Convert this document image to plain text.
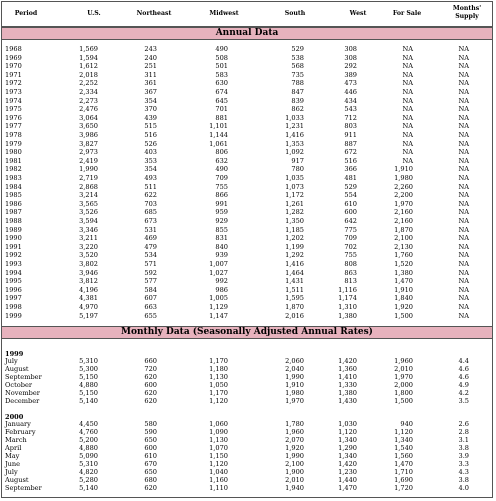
Period	U.S.	Northeast	Midwest	South	West	For Sale
Months' Supply
Annual Data
1968	1,569	243	490	529	308	NA	NA
1969	1,594	240	508	538	308	NA	NA
1970	1,612	251	501	568	292	NA	NA
1971	2,018	311	583	735	389	NA	NA
1972	2,252	361	630	788	473	NA	NA
1973	2,334	367	674	847	446	NA	NA
1974	2,273	354	645	839	434	NA	NA
1975	2,476	370	701	862	543	NA	NA
1976	3,064	439	881	1,033	712	NA	NA
1977	3,650	515	1,101	1,231	803	NA	NA
1978	3,986	516	1,144	1,416	911	NA	NA
1979	3,827	526	1,061	1,353	887	NA	NA
1980	2,973	403	806	1,092	672	NA	NA
1981	2,419	353	632	917	516	NA	NA
1982	1,990	354	490	780	366	1,910	NA
1983	2,719	493	709	1,035	481	1,980	NA
1984	2,868	511	755	1,073	529	2,260	NA
1985	3,214	622	866	1,172	554	2,200	NA
1986	3,565	703	991	1,261	610	1,970	NA
1987	3,526	685	959	1,282	600	2,160	NA
1988	3,594	673	929	1,350	642	2,160	NA
1989	3,346	531	855	1,185	775	1,870	NA
1990	3,211	469	831	1,202	709	2,100	NA
1991	3,220	479	840	1,199	702	2,130	NA
1992	3,520	534	939	1,292	755	1,760	NA
1993	3,802	571	1,007	1,416	808	1,520	NA
1994	3,946	592	1,027	1,464	863	1,380	NA
1995	3,812	577	992	1,431	813	1,470	NA
1996	4,196	584	986	1,511	1,116	1,910	NA
1997	4,381	607	1,005	1,595	1,174	1,840	NA
1998	4,970	663	1,129	1,870	1,310	1,920	NA
1999	5,197	655	1,147	2,016	1,380	1,500	NA
Monthly Data (Seasonally Adjusted Annual Rates)
1999
July	5,310	660	1,170	2,060	1,420	1,960	4.4
August	5,300	720	1,180	2,040	1,360	2,010	4.6
September	5,150	620	1,130	1,990	1,410	1,970	4.6
October	4,880	600	1,050	1,910	1,330	2,000	4.9
November	5,150	620	1,170	1,980	1,380	1,800	4.2
December	5,140	620	1,120	1,970	1,430	1,500	3.5
2000
January	4,450	580	1,060	1,780	1,030	940	2.6
February	4,760	590	1,090	1,960	1,120	1,120	2.8
March	5,200	650	1,130	2,070	1,340	1,340	3.1
April	4,880	600	1,070	1,920	1,290	1,540	3.8
May	5,090	610	1,150	1,990	1,340	1,560	3.9
June	5,310	670	1,120	2,100	1,420	1,470	3.3
July	4,820	650	1,040	1,900	1,230	1,710	4.3
August	5,280	680	1,160	2,010	1,440	1,690	3.8
September	5,140	620	1,110	1,940	1,470	1,720	4.0
